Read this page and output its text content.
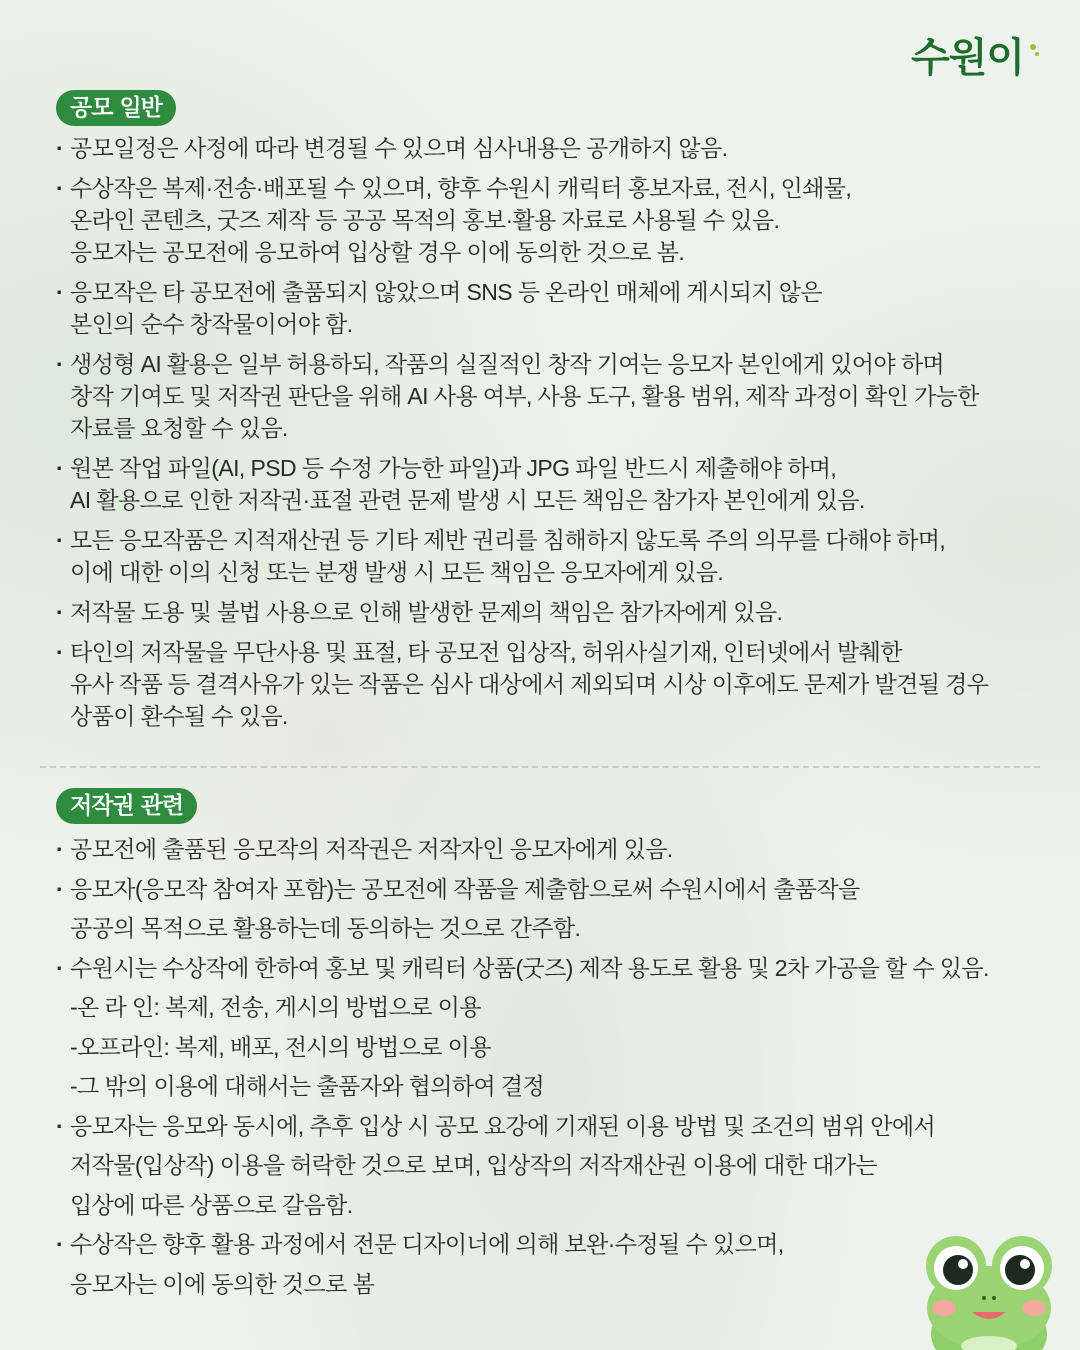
수원이
공모 일반
· 공모일정은 사정에 따라 변경될 수 있으며 심사내용은 공개하지 않음.
· 수상작은 복제·전송·배포될 수 있으며, 향후 수원시 캐릭터 홍보자료, 전시, 인쇄물,
온라인 콘텐츠, 굿즈 제작 등 공공 목적의 홍보·활용 자료로 사용될 수 있음.
응모자는 공모전에 응모하여 입상할 경우 이에 동의한 것으로 봄.
· 응모작은 타 공모전에 출품되지 않았으며 SNS 등 온라인 매체에 게시되지 않은
본인의 순수 창작물이어야 함.
· 생성형 AI 활용은 일부 허용하되, 작품의 실질적인 창작 기여는 응모자 본인에게 있어야 하며
창작 기여도 및 저작권 판단을 위해 AI 사용 여부, 사용 도구, 활용 범위, 제작 과정이 확인 가능한
자료를 요청할 수 있음.
· 원본 작업 파일(AI, PSD 등 수정 가능한 파일)과 JPG 파일 반드시 제출해야 하며,
AI 활용으로 인한 저작권·표절 관련 문제 발생 시 모든 책임은 참가자 본인에게 있음.
· 모든 응모작품은 지적재산권 등 기타 제반 권리를 침해하지 않도록 주의 의무를 다해야 하며,
이에 대한 이의 신청 또는 분쟁 발생 시 모든 책임은 응모자에게 있음.
· 저작물 도용 및 불법 사용으로 인해 발생한 문제의 책임은 참가자에게 있음.
· 타인의 저작물을 무단사용 및 표절, 타 공모전 입상작, 허위사실기재, 인터넷에서 발췌한
유사 작품 등 결격사유가 있는 작품은 심사 대상에서 제외되며 시상 이후에도 문제가 발견될 경우
상품이 환수될 수 있음.
저작권 관련
· 공모전에 출품된 응모작의 저작권은 저작자인 응모자에게 있음.
· 응모자(응모작 참여자 포함)는 공모전에 작품을 제출함으로써 수원시에서 출품작을
공공의 목적으로 활용하는데 동의하는 것으로 간주함.
· 수원시는 수상작에 한하여 홍보 및 캐릭터 상품(굿즈) 제작 용도로 활용 및 2차 가공을 할 수 있음.
-온 라 인: 복제, 전송, 게시의 방법으로 이용
-오프라인: 복제, 배포, 전시의 방법으로 이용
-그 밖의 이용에 대해서는 출품자와 협의하여 결정
· 응모자는 응모와 동시에, 추후 입상 시 공모 요강에 기재된 이용 방법 및 조건의 범위 안에서
저작물(입상작) 이용을 허락한 것으로 보며, 입상작의 저작재산권 이용에 대한 대가는
입상에 따른 상품으로 갈음함.
· 수상작은 향후 활용 과정에서 전문 디자이너에 의해 보완·수정될 수 있으며,
응모자는 이에 동의한 것으로 봄
